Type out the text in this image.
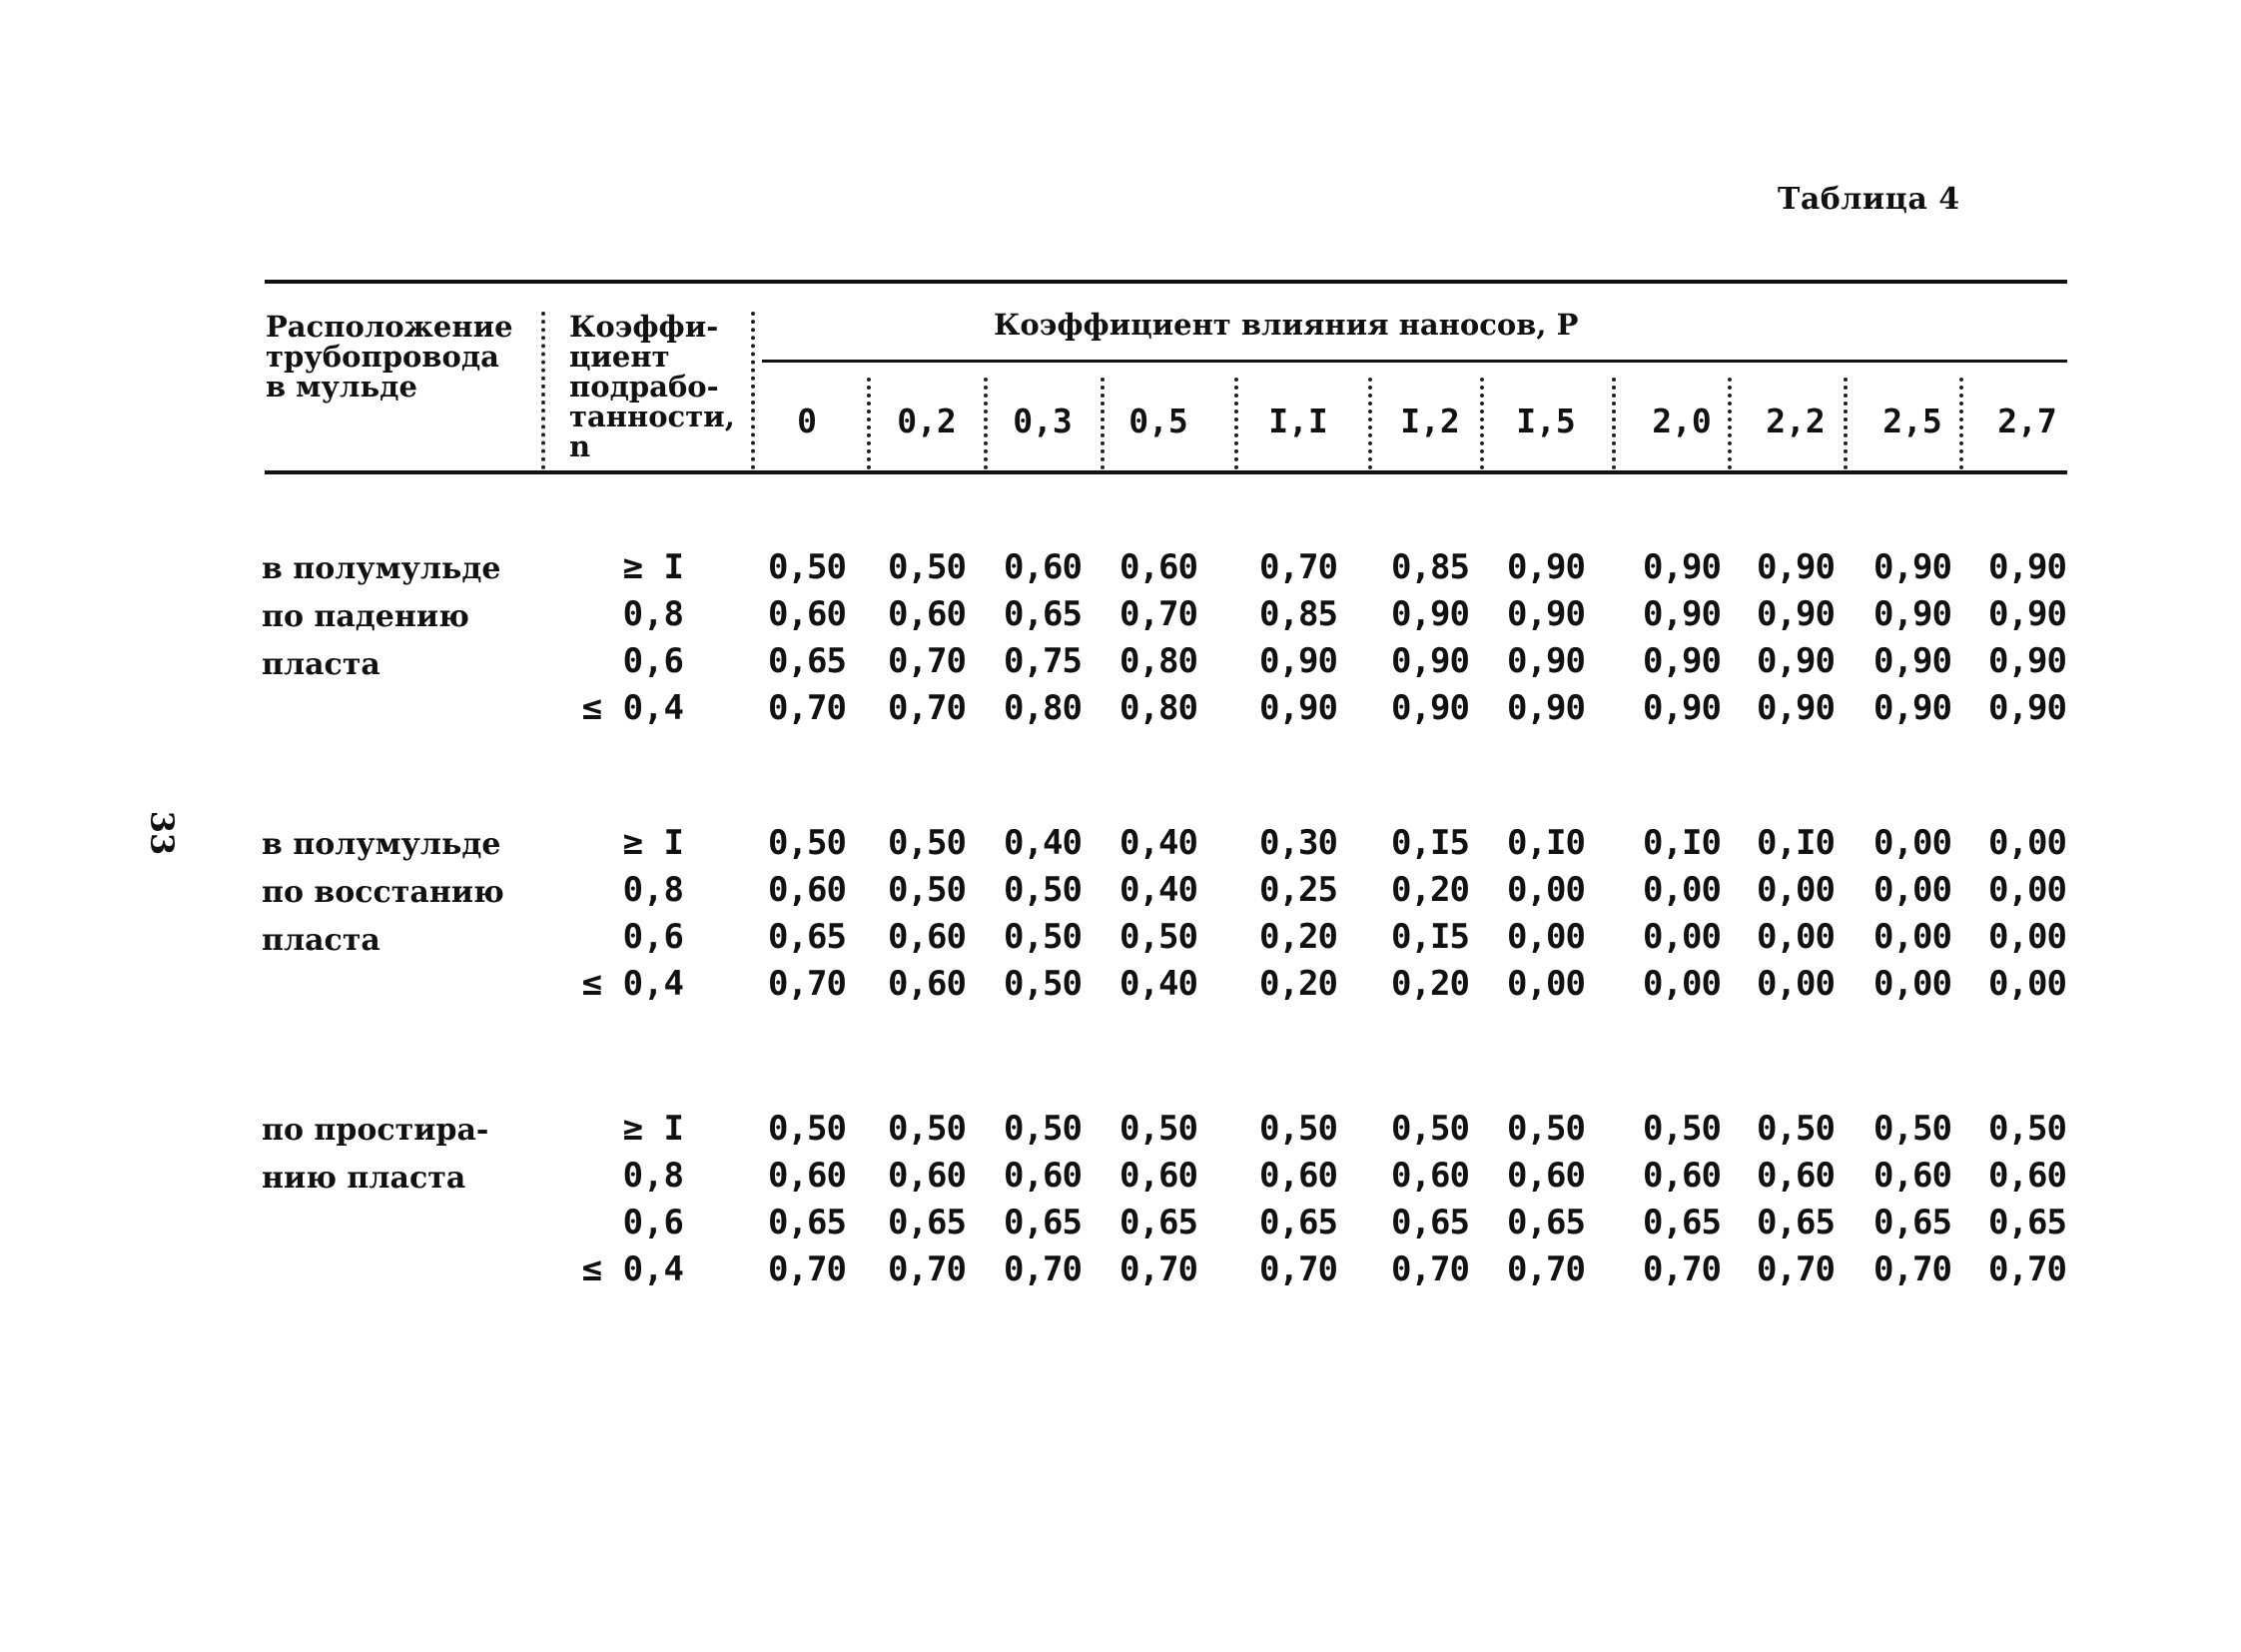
Таблица 4
33
Расположение трубопровода в мульде
Коэффи- циент подрабо- танности, n
Коэффициент влияния наносов, P
0	0,2	0,3	0,5	I,I	I,2	I,5	2,0	2,2	2,5	2,7
в полумульде по падению пласта
≥ I	0,50	0,50	0,60	0,60	0,70	0,85	0,90	0,90	0,90	0,90	0,90
0,8	0,60	0,60	0,65	0,70	0,85	0,90	0,90	0,90	0,90	0,90	0,90
0,6	0,65	0,70	0,75	0,80	0,90	0,90	0,90	0,90	0,90	0,90	0,90
≤ 0,4	0,70	0,70	0,80	0,80	0,90	0,90	0,90	0,90	0,90	0,90	0,90
в полумульде по восстанию пласта
≥ I	0,50	0,50	0,40	0,40	0,30	0,I5	0,I0	0,I0	0,I0	0,00	0,00
0,8	0,60	0,50	0,50	0,40	0,25	0,20	0,00	0,00	0,00	0,00	0,00
0,6	0,65	0,60	0,50	0,50	0,20	0,I5	0,00	0,00	0,00	0,00	0,00
≤ 0,4	0,70	0,60	0,50	0,40	0,20	0,20	0,00	0,00	0,00	0,00	0,00
по простира- нию пласта
≥ I	0,50	0,50	0,50	0,50	0,50	0,50	0,50	0,50	0,50	0,50	0,50
0,8	0,60	0,60	0,60	0,60	0,60	0,60	0,60	0,60	0,60	0,60	0,60
0,6	0,65	0,65	0,65	0,65	0,65	0,65	0,65	0,65	0,65	0,65	0,65
≤ 0,4	0,70	0,70	0,70	0,70	0,70	0,70	0,70	0,70	0,70	0,70	0,70
